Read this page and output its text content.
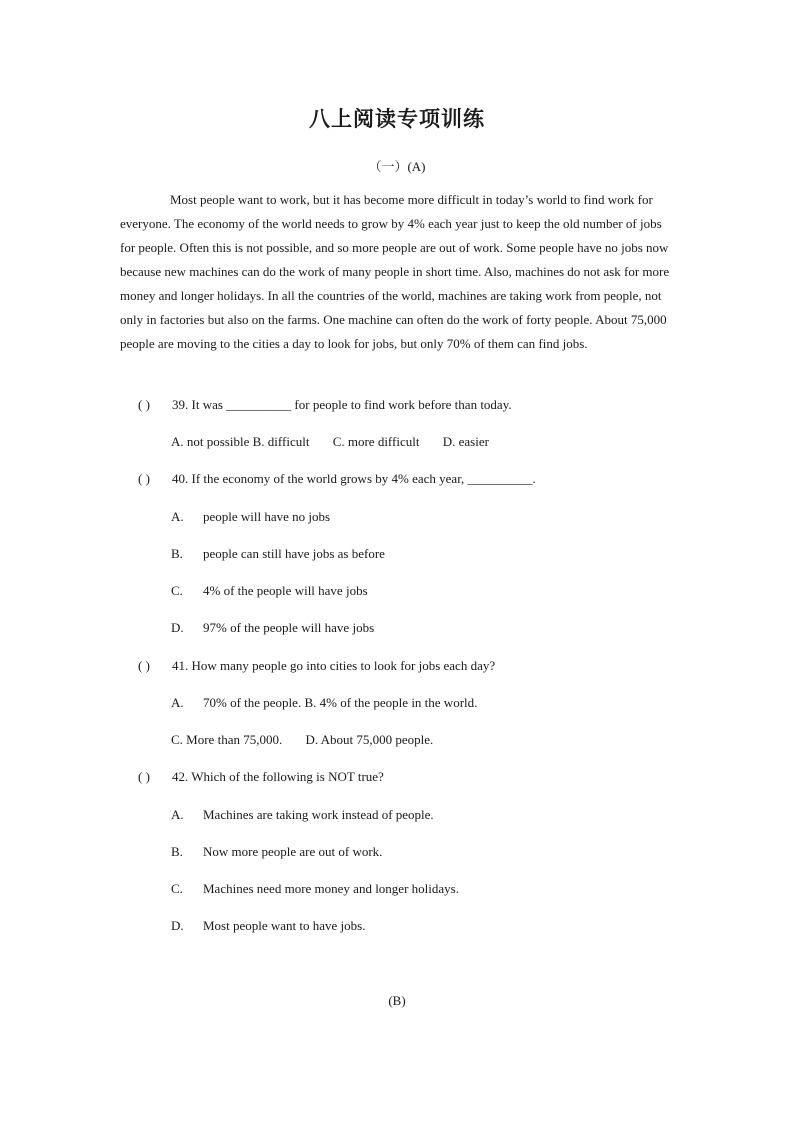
八上阅读专项训练
（一）(A)

Most people want to work, but it has become more difficult in today’s world to find work for everyone. The economy of the world needs to grow by 4% each year just to keep the old number of jobs for people. Often this is not possible, and so more people are out of work. Some people have no jobs now because new machines can do the work of many people in short time. Also, machines do not ask for more money and longer holidays. In all the countries of the world, machines are taking work from people, not only in factories but also on the farms. One machine can often do the work of forty people. About 75,000 people are moving to the cities a day to look for jobs, but only 70% of them can find jobs.

( ) 39. It was __________ for people to find work before than today.
A. not possible B. difficult C. more difficult D. easier
( ) 40. If the economy of the world grows by 4% each year, __________.
A. people will have no jobs
B. people can still have jobs as before
C. 4% of the people will have jobs
D. 97% of the people will have jobs
( ) 41. How many people go into cities to look for jobs each day?
A. 70% of the people. B. 4% of the people in the world.
C. More than 75,000. D. About 75,000 people.
( ) 42. Which of the following is NOT true?
A. Machines are taking work instead of people.
B. Now more people are out of work.
C. Machines need more money and longer holidays.
D. Most people want to have jobs.
(B)
